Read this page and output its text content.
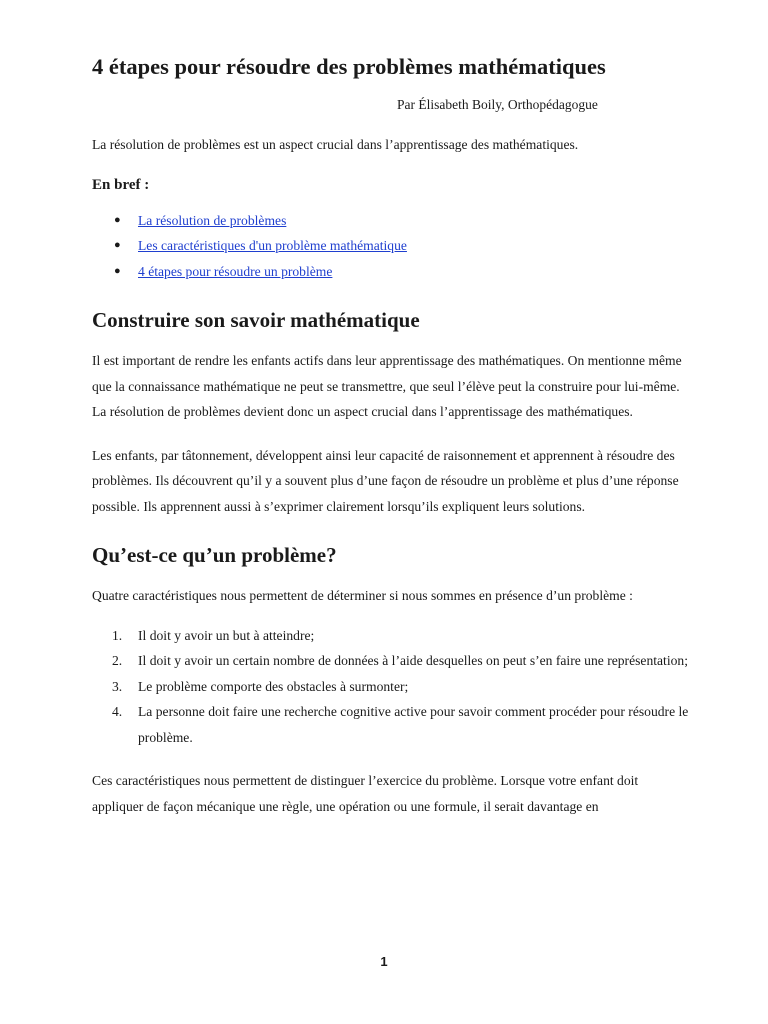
4 étapes pour résoudre des problèmes mathématiques
Par Élisabeth Boily, Orthopédagogue

La résolution de problèmes est un aspect crucial dans l’apprentissage des mathématiques.

En bref :
● La résolution de problèmes
● Les caractéristiques d'un problème mathématique
● 4 étapes pour résoudre un problème
Construire son savoir mathématique

Il est important de rendre les enfants actifs dans leur apprentissage des mathématiques. On mentionne même que la connaissance mathématique ne peut se transmettre, que seul l’élève peut la construire pour lui-même. La résolution de problèmes devient donc un aspect crucial dans l’apprentissage des mathématiques.

Les enfants, par tâtonnement, développent ainsi leur capacité de raisonnement et apprennent à résoudre des problèmes. Ils découvrent qu’il y a souvent plus d’une façon de résoudre un problème et plus d’une réponse possible. Ils apprennent aussi à s’exprimer clairement lorsqu’ils expliquent leurs solutions.

Qu’est-ce qu’un problème?

Quatre caractéristiques nous permettent de déterminer si nous sommes en présence d’un problème :

1. Il doit y avoir un but à atteindre;
2. Il doit y avoir un certain nombre de données à l’aide desquelles on peut s’en faire une représentation;
3. Le problème comporte des obstacles à surmonter;
4. La personne doit faire une recherche cognitive active pour savoir comment procéder pour résoudre le problème.

Ces caractéristiques nous permettent de distinguer l’exercice du problème. Lorsque votre enfant doit appliquer de façon mécanique une règle, une opération ou une formule, il serait davantage en

1
